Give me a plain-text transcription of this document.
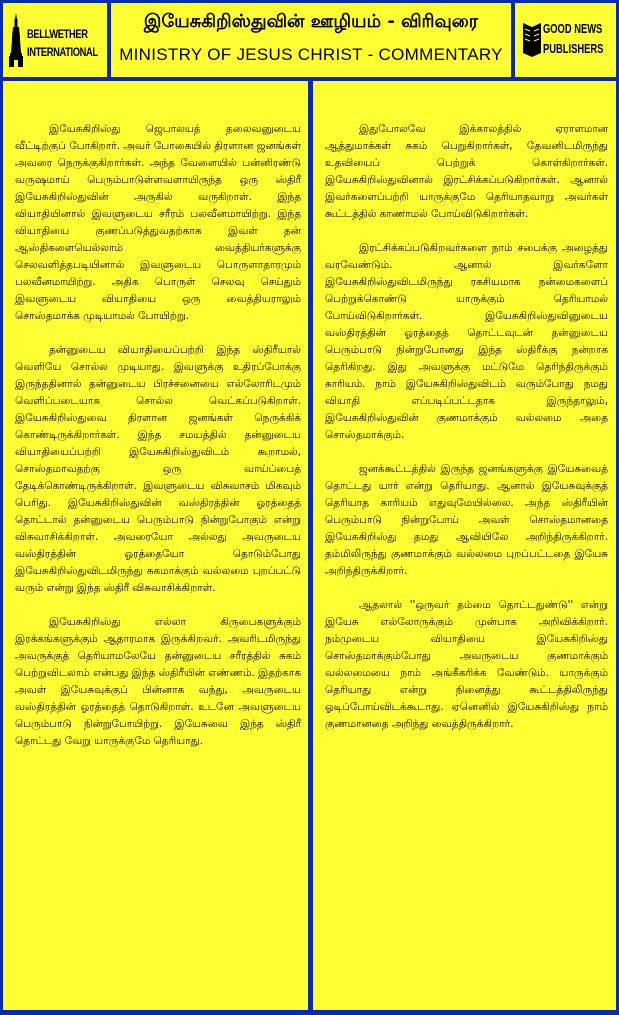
BELLWETHER
INTERNATIONAL
இயேசுகிறிஸ்துவின் ஊழியம் - விரிவுரை
MINISTRY OF JESUS CHRIST - COMMENTARY
GOOD NEWS
PUBLISHERS

இயேசுகிறிஸ்து ஜெபாலயத் தலைவனுடைய வீட்டிற்குப் போகிறார். அவர் போகையில் திரளான ஜனங்கள் அவரை நெருக்குகிறார்கள். அந்த வேளையில் பன்னிரண்டு வருஷமாய் பெரும்பாடுள்ளவளாயிருந்த ஒரு ஸ்திரீ இயேசுகிறிஸ்துவின் அருகில் வருகிறாள். இந்த வியாதியினால் இவளுடைய சரீரம் பலவீனமாயிற்று. இந்த வியாதியை குணப்படுத்துவதற்காக இவள் தன் ஆஸ்திகளையெல்லாம் வைத்தியர்களுக்கு செலவளித்தபடியினால் இவளுடைய பொருளாதாரமும் பலவீனமாயிற்று. அதிக பொருள் செலவு செய்தும் இவளுடைய வியாதியை ஒரு வைத்தியராலும் சொஸ்தமாக்க முடியாமல் போயிற்று.

தன்னுடைய வியாதியைப்பற்றி இந்த ஸ்திரீயால் வெளியே சொல்ல முடியாது. இவளுக்கு உதிரப்போக்கு இருந்ததினால் தன்னுடைய பிரச்சனையை எல்லோரிடமும் வெளிப்படையாக சொல்ல வெட்கப்படுகிறாள். இயேசுகிறிஸ்துவை திரளான ஜனங்கள் நெருக்கிக் கொண்டிருக்கிறார்கள். இந்த சமயத்தில் தன்னுடைய வியாதியைப்பற்றி இயேசுகிறிஸ்துவிடம் கூறாமல், சொஸ்தமாவதற்கு ஒரு வாய்ப்பைத் தேடிக்கொண்டிருக்கிறாள். இவளுடைய விசுவாசம் மிகவும் பெரிது. இயேசுகிறிஸ்துவின் வஸ்திரத்தின் ஓரத்தைத் தொட்டால் தன்னுடைய பெரும்பாடு நின்றுபோகும் என்று விசுவாசிக்கிறாள். அவரையோ அல்லது அவருடைய வஸ்திரத்தின் ஓரத்தையோ தொடும்போது இயேசுகிறிஸ்துவிடமிருந்து சுகமாக்கும் வல்லமை புறப்பட்டு வரும் என்று இந்த ஸ்திரீ விசுவாசிக்கிறாள்.

இயேசுகிறிஸ்து எல்லா கிருபைகளுக்கும் இரக்கங்களுக்கும் ஆதாரமாக இருக்கிறவர். அவரிடமிருந்து அவருக்குத் தெரியாமலேயே தன்னுடைய சரீரத்தில் சுகம் பெற்றுவிடலாம் என்பது இந்த ஸ்திரீயின் எண்ணம். இதற்காக அவள் இயேசுவுக்குப் பின்னாக வந்து, அவருடைய வஸ்திரத்தின் ஓரத்தைத் தொடுகிறாள். உடனே அவளுடைய பெரும்பாடு நின்றுபோயிற்று. இயேசுவை இந்த ஸ்திரீ தொட்டது வேறு யாருக்குமே தெரியாது.

இதுபோலவே இக்காலத்தில் ஏராளமான ஆத்துமாக்கள் சுகம் பெறுகிறார்கள், தேவனிடமிருந்து உதவியைப் பெற்றுக் கொள்கிறார்கள். இயேசுகிறிஸ்துவினால் இரட்சிக்கப்படுகிறார்கள். ஆனால் இவர்களைப்பற்றி யாருக்குமே தெரியாதவாறு அவர்கள் கூட்டத்தில் காணாமல் போய்விடுகிறார்கள்.

இரட்சிக்கப்படுகிறவர்களை நாம் சபைக்கு அழைத்து வரவேண்டும். ஆனால் இவர்களோ இயேசுகிறிஸ்துவிடமிருந்து ரகசியமாக நன்மைகளைப் பெற்றுக்கொண்டு யாருக்கும் தெரியாமல் போய்விடுகிறார்கள். இயேசுகிறிஸ்துவினுடைய வஸ்திரத்தின் ஓரத்தைத் தொட்டவுடன் தன்னுடைய பெரும்பாடு நின்றுபோனது இந்த ஸ்திரீக்கு நன்றாக தெரிகிறது. இது அவளுக்கு மட்டுமே தெரிந்திருக்கும் காரியம். நாம் இயேசுகிறிஸ்துவிடம் வரும்போது நமது வியாதி எப்படிப்பட்டதாக இருந்தாலும், இயேசுகிறிஸ்துவின் குணமாக்கும் வல்லமை அதை சொஸ்தமாக்கும்.

ஜனக்கூட்டத்தில் இருந்த ஜனங்களுக்கு இயேசுவைத் தொட்டது யார் என்று தெரியாது. ஆனால் இயேசுவுக்குத் தெரியாத காரியம் எதுவுமேயில்லை. அந்த ஸ்திரீயின் பெரும்பாடு நின்றுபோய் அவள் சொஸ்தமானதை இயேசுகிறிஸ்து தமது ஆவியிலே அறிந்திருக்கிறார். தம்மிலிருந்து குணமாக்கும் வல்லமை புறப்பட்டதை இயேசு அறிந்திருக்கிறார்.

ஆதலால் ''ஒருவர் தம்மை தொட்டதுண்டு'' என்று இயேசு எல்லோருக்கும் முன்பாக அறிவிக்கிறார். நம்முடைய வியாதியை இயேசுகிறிஸ்து சொஸ்தமாக்கும்போது அவருடைய குணமாக்கும் வல்லமையை நாம் அங்கீகரிக்க வேண்டும். யாருக்கும் தெரியாது என்று நினைத்து கூட்டத்திலிருந்து ஓடிப்போய்விடக்கூடாது. ஏனெனில் இயேசுகிறிஸ்து நாம் குணமானதை அறிந்து வைத்திருக்கிறார்.
